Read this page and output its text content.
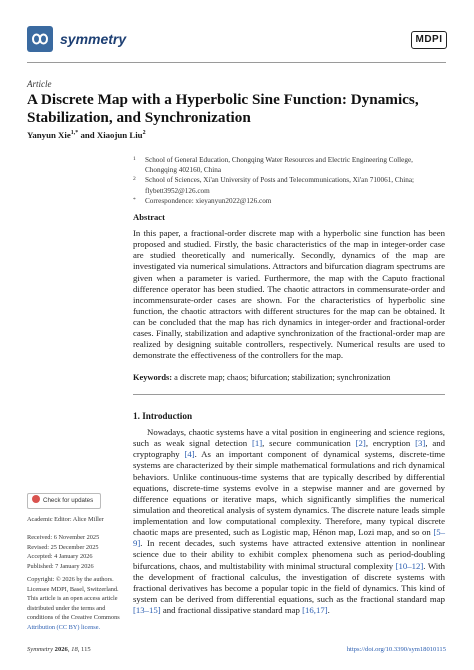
symmetry	MDPI
Article
A Discrete Map with a Hyperbolic Sine Function: Dynamics, Stabilization, and Synchronization
Yanyun Xie$^{1,*}$ and Xiaojun Liu$^2$
1 School of General Education, Chongqing Water Resources and Electric Engineering College, Chongqing 402160, China
2 School of Sciences, Xi'an University of Posts and Telecommunications, Xi'an 710061, China; flybett3952@126.com
* Correspondence: xieyanyun2022@126.com
Abstract
In this paper, a fractional-order discrete map with a hyperbolic sine function has been proposed and studied. Firstly, the basic characteristics of the map in integer-order case are studied theoretically and numerically. Secondly, dynamics of the map are investigated via numerical simulations. Attractors and bifurcation diagram spectrums are given when a parameter is varied. Furthermore, the map with the Caputo fractional difference operator has been studied. The chaotic attractors in commensurate-order and incommensurate-order cases are shown. For the characteristics of hyperbolic sine function, the chaotic attractors with different structures for the map can be obtained. It can be concluded that the map has rich dynamics in integer-order and fractional-order cases. Finally, stabilization and adaptive synchronization of the fractional-order map are realized by designing suitable controllers, respectively. Numerical results are used to demonstrate the effectiveness of the controllers for the map.
Keywords: a discrete map; chaos; bifurcation; stabilization; synchronization
1. Introduction
Nowadays, chaotic systems have a vital position in engineering and science regions, such as weak signal detection [1], secure communication [2], encryption [3], and cryptography [4]. As an important component of dynamical systems, discrete-time systems are characterized by their simple mathematical formulations and rich dynamical behaviors. Unlike continuous-time systems that are typically described by differential equations, discrete-time systems evolve in a stepwise manner and are governed by difference equations or iterative maps, which significantly simplifies the numerical simulation and theoretical analysis of system dynamics. The discrete nature leads simple implementation and low computational complexity. Therefore, many typical discrete chaotic maps are presented, such as Logistic map, Hénon map, Lozi map, and so on [5–9]. In recent decades, such systems have attracted extensive attention in nonlinear science due to their ability to exhibit complex phenomena such as period-doubling bifurcations, chaos, and multistability with minimal structural complexity [10–12]. With the development of fractional calculus, the investigation of discrete systems with fractional derivatives has become a popular topic in the field of dynamics. This kind of system can be derived from differential equations, such as the fractional standard map [13–15] and fractional dissipative standard map [16,17].
Check for updates
Academic Editor: Alice Miller
Received: 6 November 2025
Revised: 25 December 2025
Accepted: 4 January 2026
Published: 7 January 2026
Copyright: © 2026 by the authors.
Licensee MDPI, Basel, Switzerland.
This article is an open access article
distributed under the terms and
conditions of the Creative Commons
Attribution (CC BY) license.
Symmetry 2026, 18, 115	https://doi.org/10.3390/sym18010115
